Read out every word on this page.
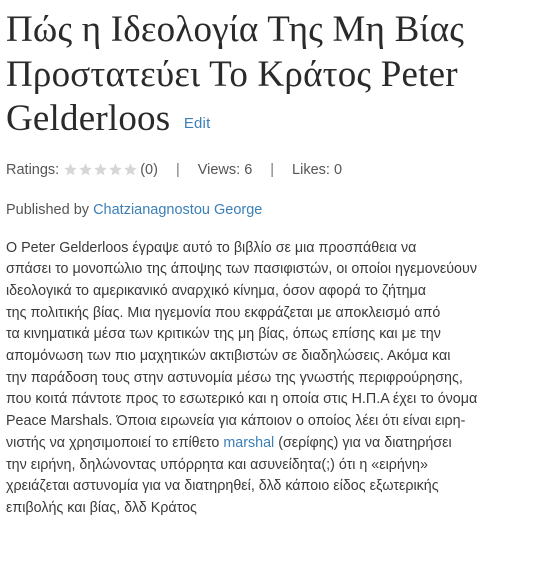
Πώς η Ιδεολογία Της Μη Βίας
Προστατεύει Το Κράτος Peter
Gelderloos Edit
Ratings:	(0) | Views: 6 | Likes: 0
Published by Chatzianagnostou George
Ο Peter Gelderloos έγραψε αυτό το βιβλίο σε μια προσπάθεια να
σπάσει το μονοπώλιο της άποψης των πασιφιστών, οι οποίοι ηγεμονεύουν
ιδεολογικά το αμερικανικό αναρχικό κίνημα, όσον αφορά το ζήτημα
της πολιτικής βίας. Μια ηγεμονία που εκφράζεται με αποκλεισμό από
τα κινηματικά μέσα των κριτικών της μη βίας, όπως επίσης και με την
απομόνωση των πιο μαχητικών ακτιβιστών σε διαδηλώσεις. Ακόμα και
την παράδοση τους στην αστυνομία μέσω της γνωστής περιφρούρησης,
που κοιτά πάντοτε προς το εσωτερικό και η οποία στις Η.Π.Α έχει το όνομα
Peace Marshals. Όποια ειρωνεία για κάποιον ο οποίος λέει ότι είναι ειρη-
νιστής να χρησιμοποιεί το επίθετο marshal (σερίφης) για να διατηρήσει
την ειρήνη, δηλώνοντας υπόρρητα και ασυνείδητα(;) ότι η «ειρήνη»
χρειάζεται αστυνομία για να διατηρηθεί, δλδ κάποιο είδος εξωτερικής
επιβολής και βίας, δλδ Κράτος
